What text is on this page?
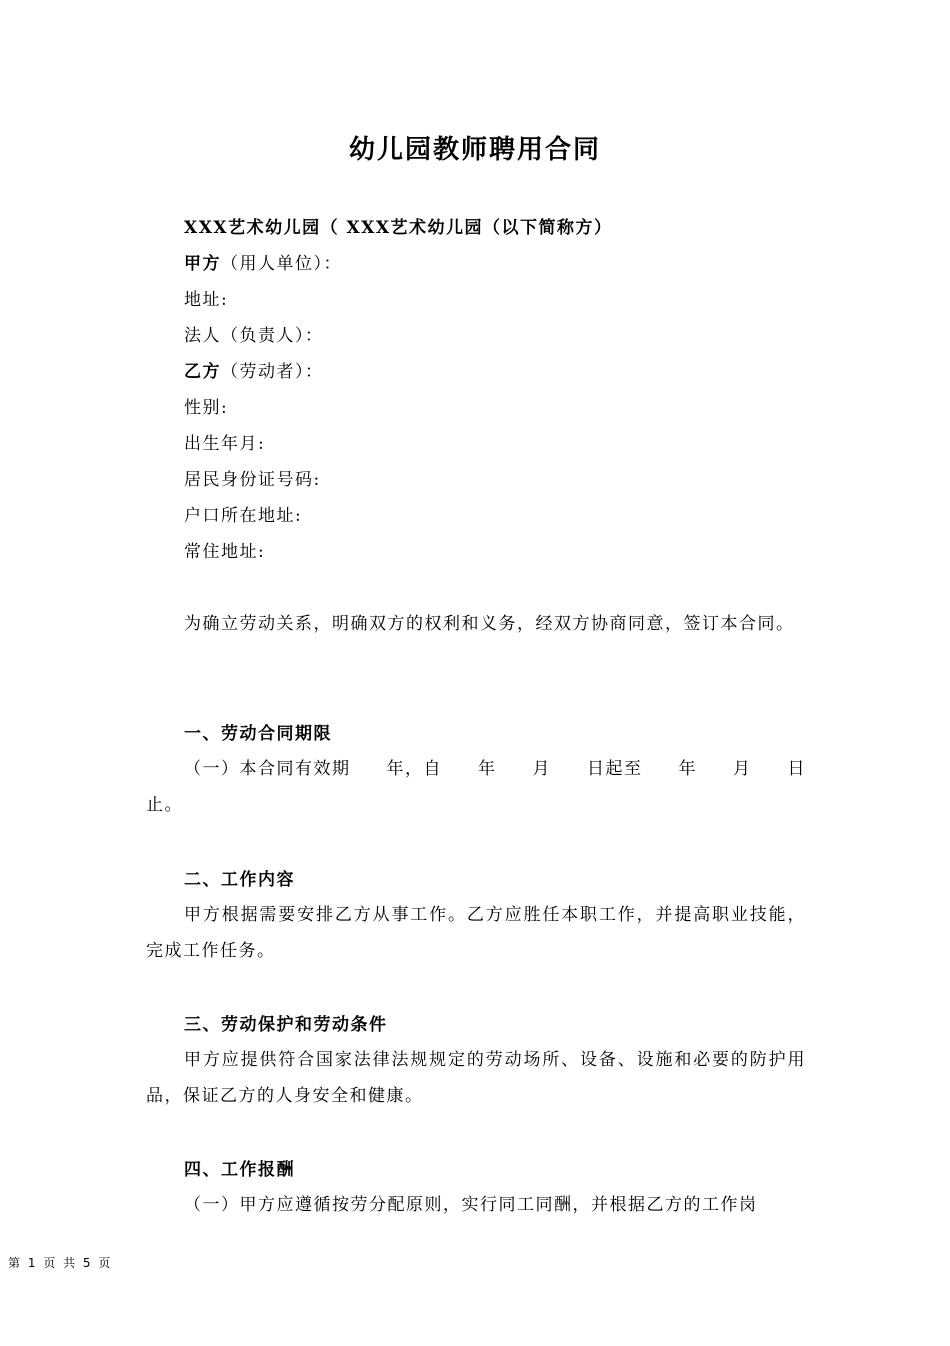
幼儿园教师聘用合同
XXX艺术幼儿园（ XXX艺术幼儿园（以下简称方）
甲方（用人单位）：
地址:
法人（负责人）：
乙方（劳动者）：
性别:
出生年月:
居民身份证号码:
户口所在地址:
常住地址:
为确立劳动关系，明确双方的权利和义务，经双方协商同意，签订本合同。
一、劳动合同期限
（一）本合同有效期 年，自 年 月 日起至 年 月 日
止。
二、工作内容
甲方根据需要安排乙方从事工作。乙方应胜任本职工作，并提高职业技能，完成工作任务。
三、劳动保护和劳动条件
甲方应提供符合国家法律法规规定的劳动场所、设备、设施和必要的防护用品，保证乙方的人身安全和健康。
四、工作报酬
（一）甲方应遵循按劳分配原则，实行同工同酬，并根据乙方的工作岗
第 1 页 共 5 页
